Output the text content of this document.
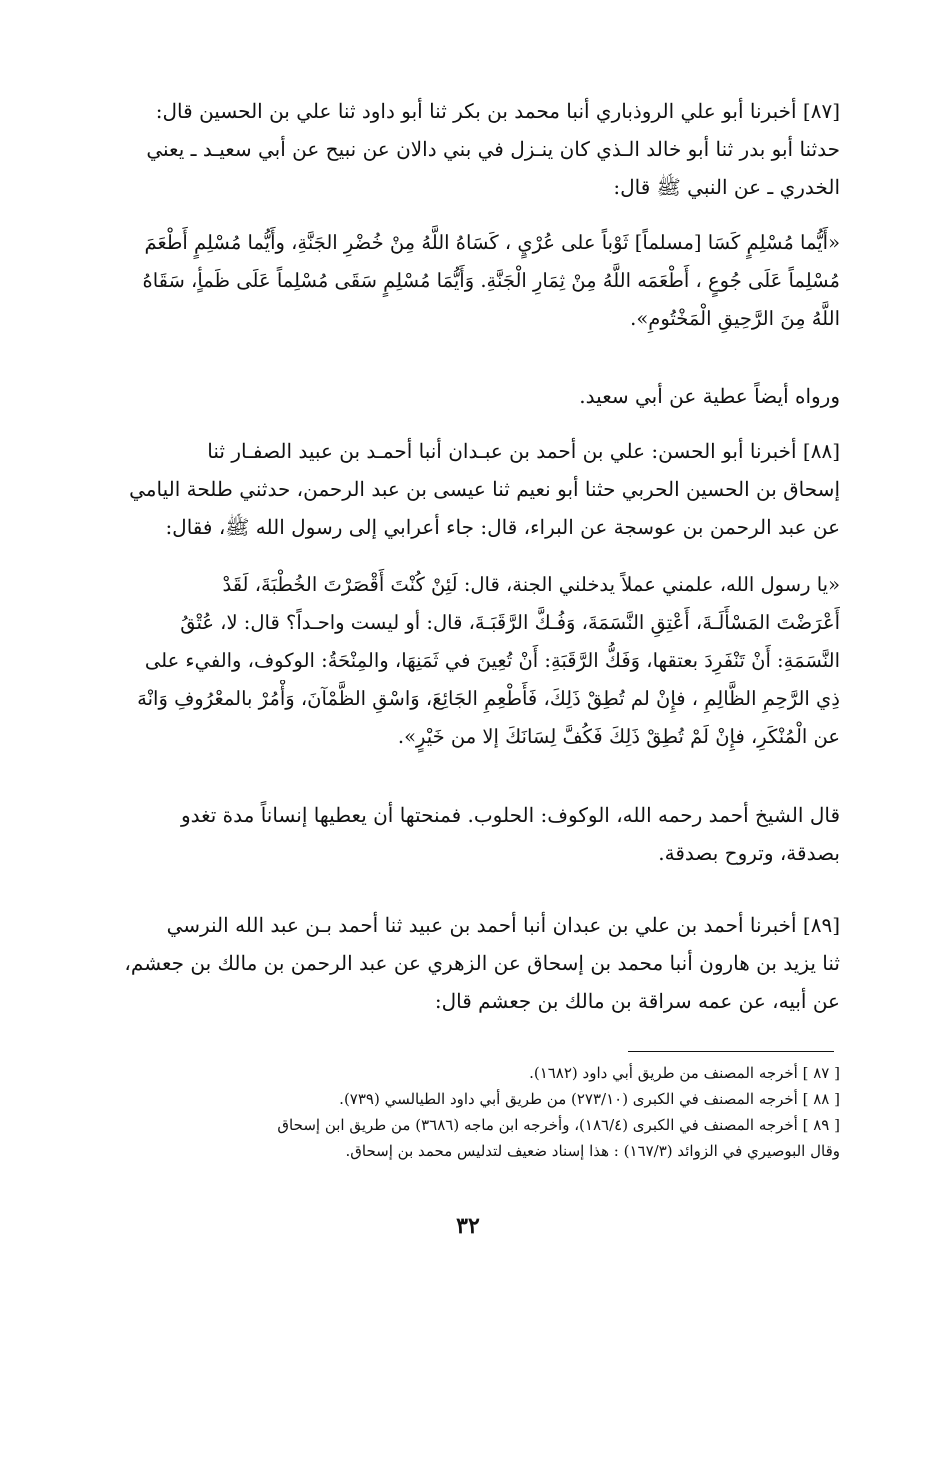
[٨٧] أخبرنا أبو علي الروذباري أنبا محمد بن بكر ثنا أبو داود ثنا علي بن الحسين قال:
حدثنا أبو بدر ثنا أبو خالد الـذي كان ينـزل في بني دالان عن نبيح عن أبي سعيـد ـ يعني
الخدري ـ عن النبي ﷺ قال:
«أَيُّما مُسْلِمٍ كَسَا [مسلماً] ثَوْباً على عُرْيٍ ، كَسَاهُ اللَّهُ مِنْ خُضْرِ الجَنَّةِ، وأَيُّما مُسْلِمٍ أَطْعَمَ
مُسْلِماً عَلَى جُوعٍ ، أَطْعَمَه اللَّهُ مِنْ ثِمَارِ الْجَنَّةِ. وَأَيُّمَا مُسْلِمٍ سَقَى مُسْلِماً عَلَى ظَمأٍ، سَقَاهُ
اللَّهُ مِنَ الرَّحِيقِ الْمَخْتُومِ».
ورواه أيضاً عطية عن أبي سعيد.
[٨٨] أخبرنا أبو الحسن: علي بن أحمد بن عبـدان أنبا أحمـد بن عبيد الصفـار ثنا
إسحاق بن الحسين الحربي حثنا أبو نعيم ثنا عيسى بن عبد الرحمن، حدثني طلحة اليامي
عن عبد الرحمن بن عوسجة عن البراء، قال: جاء أعرابي إلى رسول الله ﷺ، فقال:
«يا رسول الله، علمني عملاً يدخلني الجنة، قال: لَئِنْ كُنْتَ أَقْصَرْتَ الخُطْبَةَ، لَقَدْ
أَعْرَضْتَ المَسْأَلَـةَ، أَعْتِقِ النَّسَمَةَ، وَفُـكَّ الرَّقَبَـةَ، قال: أو ليست واحـداً؟ قال: لا، عُتْقُ
النَّسَمَةِ: أَنْ تَنْفَرِدَ بعتقها، وَفَكُّ الرَّقَبَةِ: أَنْ تُعِينَ في ثَمَنِهَا، والمِنْحَةُ: الوكوف، والفيء على
ذِي الرَّحِمِ الظَّالِمِ ، فإِنْ لم تُطِقْ ذَلِكَ، فَأَطْعِمِ الجَائِعَ، وَاسْقِ الظَّمْآنَ، وَأْمُرْ بالمعْرُوفِ وَانْهَ
عن الْمُنْكَرِ، فإِنْ لَمْ تُطِقْ ذَلِكَ فَكُفَّ لِسَانَكَ إلا من خَيْرٍ».
قال الشيخ أحمد رحمه الله، الوكوف: الحلوب. فمنحتها أن يعطيها إنساناً مدة تغدو
بصدقة، وتروح بصدقة.
[٨٩] أخبرنا أحمد بن علي بن عبدان أنبا أحمد بن عبيد ثنا أحمد بـن عبد الله النرسي
ثنا يزيد بن هارون أنبا محمد بن إسحاق عن الزهري عن عبد الرحمن بن مالك بن جعشم،
عن أبيه، عن عمه سراقة بن مالك بن جعشم قال:
[ ٨٧ ] أخرجه المصنف من طريق أبي داود (١٦٨٢).
[ ٨٨ ] أخرجه المصنف في الكبرى (٢٧٣/١٠) من طريق أبي داود الطيالسي (٧٣٩).
[ ٨٩ ] أخرجه المصنف في الكبرى (١٨٦/٤)، وأخرجه ابن ماجه (٣٦٨٦) من طريق ابن إسحاق
وقال البوصيري في الزوائد (١٦٧/٣) : هذا إسناد ضعيف لتدليس محمد بن إسحاق.
٣٢
